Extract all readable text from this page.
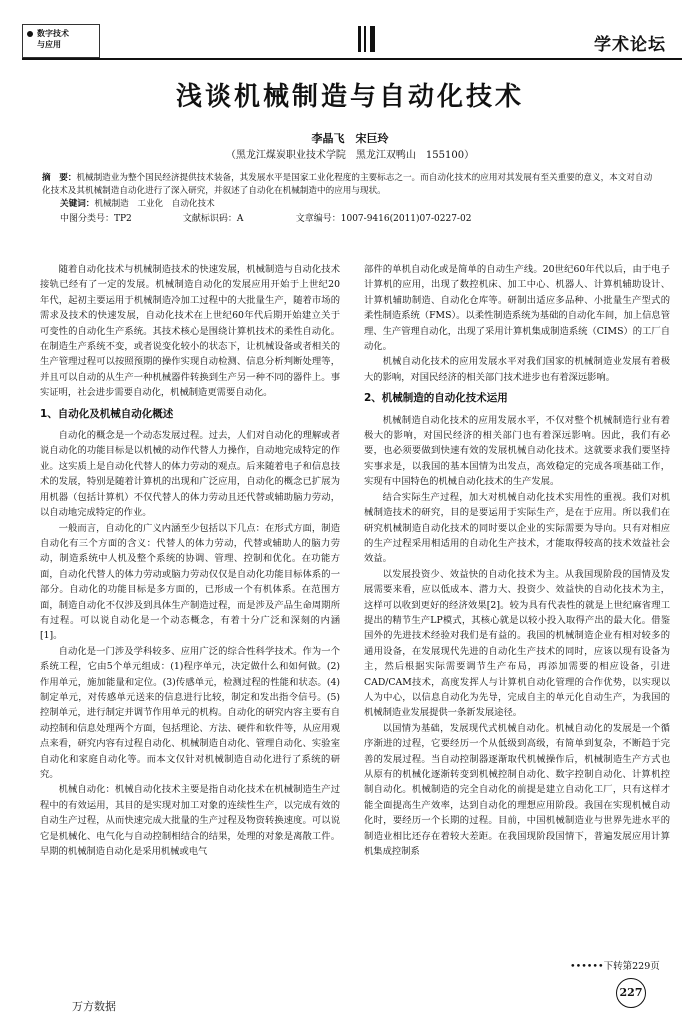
数字技术
与应用	学术论坛
浅谈机械制造与自动化技术
李晶飞　宋巨玲
（黑龙江煤炭职业技术学院　黑龙江双鸭山　155100）
摘　要：机械制造业为整个国民经济提供技术装备，其发展水平是国家工业化程度的主要标志之一。而自动化技术的应用对其发展有至关重要的意义，本文对自动化技术及其机械制造自动化进行了深入研究，并叙述了自动化在机械制造中的应用与现状。
关键词：机械制造　工业化　自动化技术
中图分类号：TP2	文献标识码：A	文章编号：1007-9416(2011)07-0227-02

随着自动化技术与机械制造技术的快速发展，机械制造与自动化技术接轨已经有了一定的发展。机械制造自动化的发展应用开始于上世纪20年代，起初主要运用于机械制造冷加工过程中的大批量生产，随着市场的需求及技术的快速发展，自动化技术在上世纪60年代后期开始建立关于可变性的自动化生产系统。其技术核心是围绕计算机技术的柔性自动化。在制造生产系统不变，或者说变化较小的状态下，让机械设备或者相关的生产管理过程可以按照预期的操作实现自动检测、信息分析判断处理等，并且可以自动的从生产一种机械器件转换到生产另一种不同的器件上。事实证明，社会进步需要自动化，机械制造更需要自动化。

1、自动化及机械自动化概述

自动化的概念是一个动态发展过程。过去，人们对自动化的理解或者说自动化的功能目标是以机械的动作代替人力操作，自动地完成特定的作业。这实质上是自动化代替人的体力劳动的观点。后来随着电子和信息技术的发展，特别是随着计算机的出现和广泛应用，自动化的概念已扩展为用机器（包括计算机）不仅代替人的体力劳动且还代替或辅助脑力劳动，以自动地完成特定的作业。

一般而言，自动化的广义内涵至少包括以下几点：在形式方面，制造自动化有三个方面的含义：代替人的体力劳动，代替或辅助人的脑力劳动，制造系统中人机及整个系统的协调、管理、控制和优化。在功能方面，自动化代替人的体力劳动或脑力劳动仅仅是自动化功能目标体系的一部分。自动化的功能目标是多方面的，已形成一个有机体系。在范围方面，制造自动化不仅涉及到具体生产制造过程，而是涉及产品生命周期所有过程。可以说自动化是一个动态概念，有着十分广泛和深刻的内涵[1]。

自动化是一门涉及学科较多、应用广泛的综合性科学技术。作为一个系统工程，它由5个单元组成：(1)程序单元，决定做什么和如何做。(2)作用单元，施加能量和定位。(3)传感单元，检测过程的性能和状态。(4)制定单元，对传感单元送来的信息进行比较，制定和发出指令信号。(5)控制单元，进行制定并调节作用单元的机构。自动化的研究内容主要有自动控制和信息处理两个方面，包括理论、方法、硬件和软件等，从应用观点来看，研究内容有过程自动化、机械制造自动化、管理自动化、实验室自动化和家庭自动化等。而本文仅针对机械制造自动化进行了系统的研究。

机械自动化：机械自动化技术主要是指自动化技术在机械制造生产过程中的有效运用，其目的是实现对加工对象的连续性生产，以完成有效的自动生产过程，从而快速完成大批量的生产过程及物资转换速度。可以说它是机械化、电气化与自动控制相结合的结果，处理的对象是离散工件。早期的机械制造自动化是采用机械或电气

部件的单机自动化或是简单的自动生产线。20世纪60年代以后，由于电子计算机的应用，出现了数控机床、加工中心、机器人、计算机辅助设计、计算机辅助制造、自动化仓库等。研制出适应多品种、小批量生产型式的柔性制造系统（FMS）。以柔性制造系统为基础的自动化车间，加上信息管理、生产管理自动化，出现了采用计算机集成制造系统（CIMS）的工厂自动化。

机械自动化技术的应用发展水平对我们国家的机械制造业发展有着极大的影响，对国民经济的相关部门技术进步也有着深远影响。

2、机械制造的自动化技术运用

机械制造自动化技术的应用发展水平，不仅对整个机械制造行业有着极大的影响，对国民经济的相关部门也有着深远影响。因此，我们有必要，也必须要做到快速有效的发展机械自动化技术。这就要求我们要坚持实事求是，以我国的基本国情为出发点，高效稳定的完成各项基础工作，实现有中国特色的机械自动化技术的生产发展。

结合实际生产过程，加大对机械自动化技术实用性的重视。我们对机械制造技术的研究，目的是要运用于实际生产，是在于应用。所以我们在研究机械制造自动化技术的同时要以企业的实际需要为导向。只有对相应的生产过程采用相适用的自动化生产技术，才能取得较高的技术效益社会效益。

以发展投资少、效益快的自动化技术为主。从我国现阶段的国情及发展需要来看，应以低成本、潜力大、投资少、效益快的自动化技术为主，这样可以收到更好的经济效果[2]。较为具有代表性的就是上世纪麻省理工提出的精节生产LP模式，其核心就是以较小投入取得产出的最大化。借鉴国外的先进技术经验对我们是有益的。我国的机械制造企业有相对较多的通用设备，在发展现代先进的自动化生产技术的同时，应该以现有设备为主，然后根据实际需要调节生产布局，再添加需要的相应设备，引进CAD/CAM技术，高度发挥人与计算机自动化管理的合作优势，以实现以人为中心，以信息自动化为先导，完成自主的单元化自动生产，为我国的机械制造业发展提供一条新发展途径。

以国情为基础，发展现代式机械自动化。机械自动化的发展是一个循序渐进的过程，它要经历一个从低级到高级，有简单到复杂，不断趋于完善的发展过程。当自动控制器逐渐取代机械操作后，机械制造生产方式也从原有的机械化逐渐转变到机械控制自动化、数字控制自动化、计算机控制自动化。机械制造的完全自动化的前提是建立自动化工厂，只有这样才能全面提高生产效率，达到自动化的理想应用阶段。我国在实现机械自动化时，要经历一个长期的过程。目前，中国机械制造业与世界先进水平的制造业相比还存在着较大差距。在我国现阶段国情下，普遍发展应用计算机集成控制系

••••••下转第229页
227
万方数据
